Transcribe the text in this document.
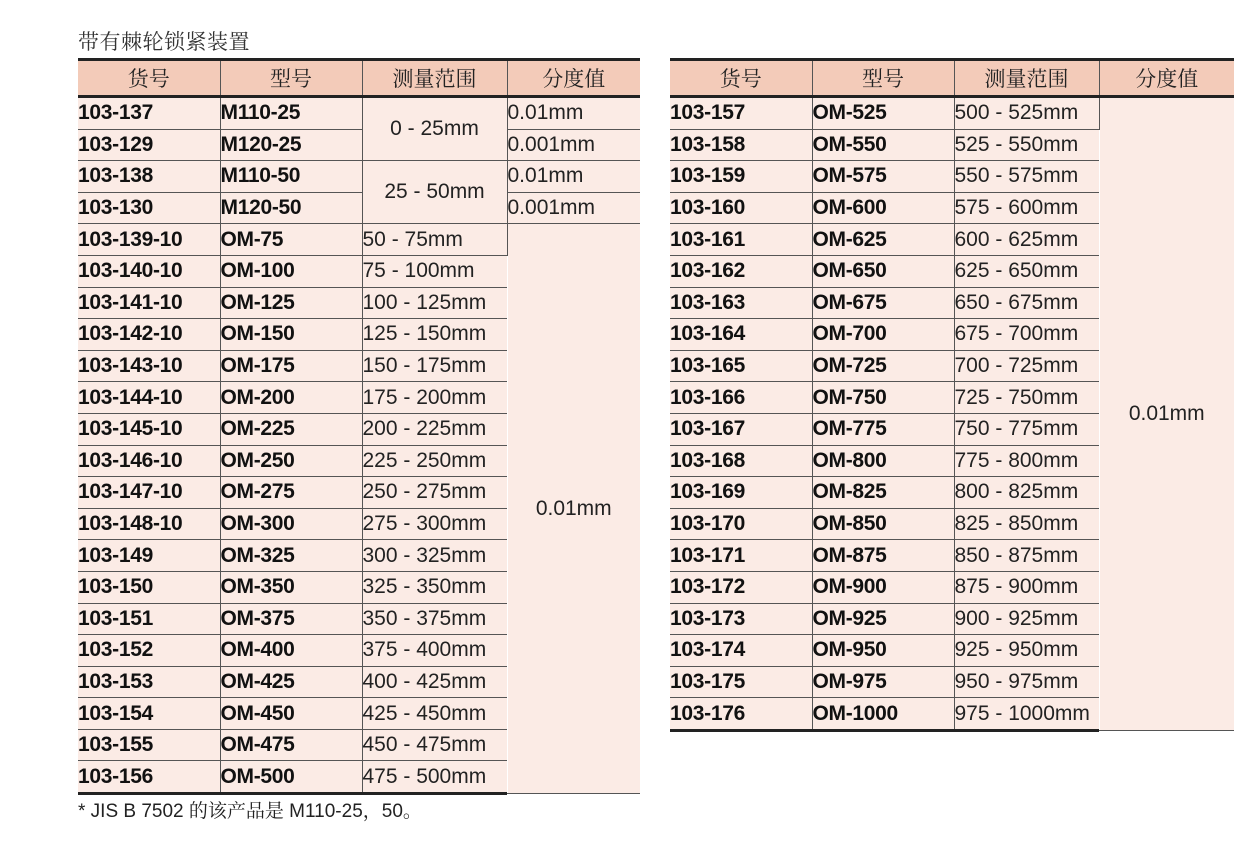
带有棘轮锁紧装置
货号	型号	测量范围	分度值
103-137	M110-25	0 - 25mm	0.01mm
103-129	M120-25		0.001mm
103-138	M110-50	25 - 50mm	0.01mm
103-130	M120-50		0.001mm
103-139-10	OM-75	50 - 75mm	0.01mm
103-140-10	OM-100	75 - 100mm	
103-141-10	OM-125	100 - 125mm	
103-142-10	OM-150	125 - 150mm	
103-143-10	OM-175	150 - 175mm	
103-144-10	OM-200	175 - 200mm	
103-145-10	OM-225	200 - 225mm	
103-146-10	OM-250	225 - 250mm	
103-147-10	OM-275	250 - 275mm	
103-148-10	OM-300	275 - 300mm	
103-149	OM-325	300 - 325mm	
103-150	OM-350	325 - 350mm	
103-151	OM-375	350 - 375mm	
103-152	OM-400	375 - 400mm	
103-153	OM-425	400 - 425mm	
103-154	OM-450	425 - 450mm	
103-155	OM-475	450 - 475mm	
103-156	OM-500	475 - 500mm	
货号	型号	测量范围	分度值
103-157	OM-525	500 - 525mm	0.01mm
103-158	OM-550	525 - 550mm	
103-159	OM-575	550 - 575mm	
103-160	OM-600	575 - 600mm	
103-161	OM-625	600 - 625mm	
103-162	OM-650	625 - 650mm	
103-163	OM-675	650 - 675mm	
103-164	OM-700	675 - 700mm	
103-165	OM-725	700 - 725mm	
103-166	OM-750	725 - 750mm	
103-167	OM-775	750 - 775mm	
103-168	OM-800	775 - 800mm	
103-169	OM-825	800 - 825mm	
103-170	OM-850	825 - 850mm	
103-171	OM-875	850 - 875mm	
103-172	OM-900	875 - 900mm	
103-173	OM-925	900 - 925mm	
103-174	OM-950	925 - 950mm	
103-175	OM-975	950 - 975mm	
103-176	OM-1000	975 - 1000mm	
* JIS B 7502 的该产品是 M110-25，50。
